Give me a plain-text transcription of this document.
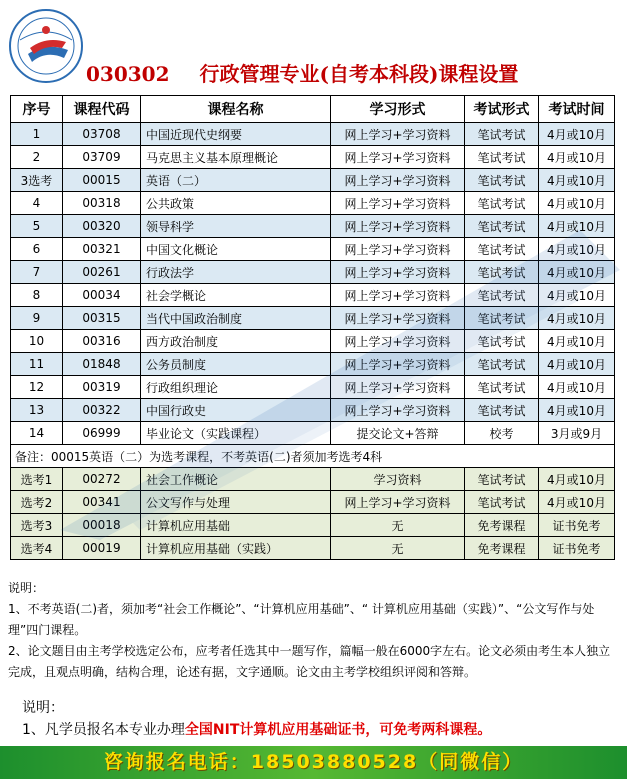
030302 行政管理专业(自考本科段)课程设置
序号	课程代码	课程名称	学习形式	考试形式	考试时间
1	03708	中国近现代史纲要	网上学习+学习资料	笔试考试	4月或10月
2	03709	马克思主义基本原理概论	网上学习+学习资料	笔试考试	4月或10月
3选考	00015	英语（二）	网上学习+学习资料	笔试考试	4月或10月
4	00318	公共政策	网上学习+学习资料	笔试考试	4月或10月
5	00320	领导科学	网上学习+学习资料	笔试考试	4月或10月
6	00321	中国文化概论	网上学习+学习资料	笔试考试	4月或10月
7	00261	行政法学	网上学习+学习资料	笔试考试	4月或10月
8	00034	社会学概论	网上学习+学习资料	笔试考试	4月或10月
9	00315	当代中国政治制度	网上学习+学习资料	笔试考试	4月或10月
10	00316	西方政治制度	网上学习+学习资料	笔试考试	4月或10月
11	01848	公务员制度	网上学习+学习资料	笔试考试	4月或10月
12	00319	行政组织理论	网上学习+学习资料	笔试考试	4月或10月
13	00322	中国行政史	网上学习+学习资料	笔试考试	4月或10月
14	06999	毕业论文（实践课程）	提交论文+答辩	校考	3月或9月
备注：00015英语（二）为选考课程，不考英语(二)者须加考选考4科					
选考1	00272	社会工作概论	学习资料	笔试考试	4月或10月
选考2	00341	公文写作与处理	网上学习+学习资料	笔试考试	4月或10月
选考3	00018	计算机应用基础	无	免考课程	证书免考
选考4	00019	计算机应用基础（实践）	无	免考课程	证书免考

说明：

1、不考英语(二)者，须加考“社会工作概论”、“计算机应用基础”、“ 计算机应用基础（实践）”、“公文写作与处理”四门课程。

2、论文题目由主考学校选定公布，应考者任选其中一题写作，篇幅一般在6000字左右。论文必须由考生本人独立完成，且观点明确，结构合理，论述有据，文字通顺。论文由主考学校组织评阅和答辩。

说明：

1、凡学员报名本专业办理全国NIT计算机应用基础证书，可免考两科课程。

咨询报名电话：18503880528（同微信）
